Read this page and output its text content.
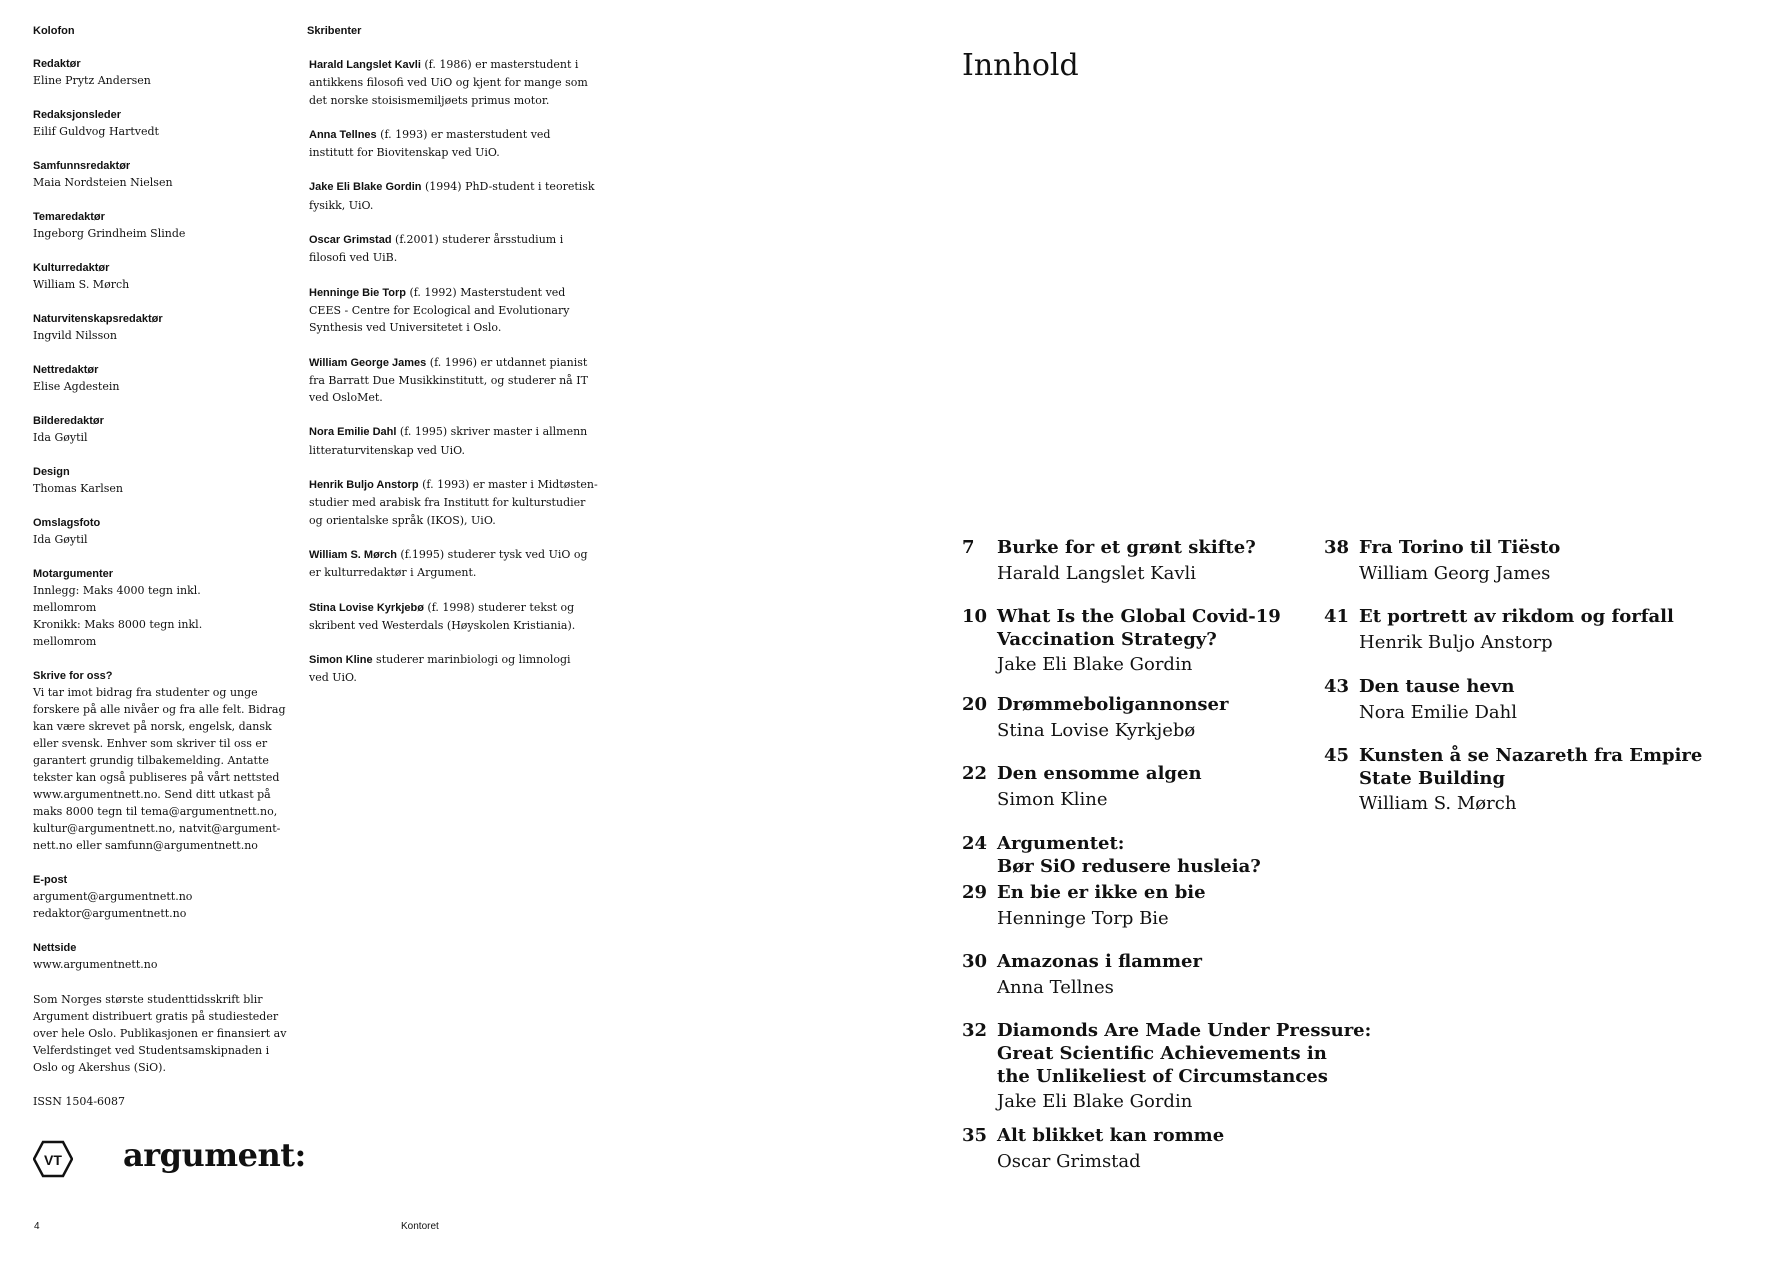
Kolofon
Redaktør
Eline Prytz Andersen
Redaksjonsleder
Eilif Guldvog Hartvedt
Samfunnsredaktør
Maia Nordsteien Nielsen
Temaredaktør
Ingeborg Grindheim Slinde
Kulturredaktør
William S. Mørch
Naturvitenskapsredaktør
Ingvild Nilsson
Nettredaktør
Elise Agdestein
Bilderedaktør
Ida Gøytil
Design
Thomas Karlsen
Omslagsfoto
Ida Gøytil
Motargumenter
Innlegg: Maks 4000 tegn inkl.
mellomrom
Kronikk: Maks 8000 tegn inkl.
mellomrom
Skrive for oss?
Vi tar imot bidrag fra studenter og unge
forskere på alle nivåer og fra alle felt. Bidrag
kan være skrevet på norsk, engelsk, dansk
eller svensk. Enhver som skriver til oss er
garantert grundig tilbakemelding. Antatte
tekster kan også publiseres på vårt nettsted
www.argumentnett.no. Send ditt utkast på
maks 8000 tegn til tema@argumentnett.no,
kultur@argumentnett.no, natvit@argument-
nett.no eller samfunn@argumentnett.no
E-post
argument@argumentnett.no
redaktor@argumentnett.no
Nettside
www.argumentnett.no
Som Norges største studenttidsskrift blir
Argument distribuert gratis på studiesteder
over hele Oslo. Publikasjonen er finansiert av
Velferdstinget ved Studentsamskipnaden i
Oslo og Akershus (SiO).
ISSN 1504-6087
Skribenter
Harald Langslet Kavli (f. 1986) er masterstudent i
antikkens filosofi ved UiO og kjent for mange som
det norske stoisismemiljøets primus motor.
Anna Tellnes (f. 1993) er masterstudent ved
institutt for Biovitenskap ved UiO.
Jake Eli Blake Gordin (1994) PhD-student i teoretisk
fysikk, UiO.
Oscar Grimstad (f.2001) studerer årsstudium i
filosofi ved UiB.
Henninge Bie Torp (f. 1992) Masterstudent ved
CEES - Centre for Ecological and Evolutionary
Synthesis ved Universitetet i Oslo.
William George James (f. 1996) er utdannet pianist
fra Barratt Due Musikkinstitutt, og studerer nå IT
ved OsloMet.
Nora Emilie Dahl (f. 1995) skriver master i allmenn
litteraturvitenskap ved UiO.
Henrik Buljo Anstorp (f. 1993) er master i Midtøsten-
studier med arabisk fra Institutt for kulturstudier
og orientalske språk (IKOS), UiO.
William S. Mørch (f.1995) studerer tysk ved UiO og
er kulturredaktør i Argument.
Stina Lovise Kyrkjebø (f. 1998) studerer tekst og
skribent ved Westerdals (Høyskolen Kristiania).
Simon Kline studerer marinbiologi og limnologi
ved UiO.
VT argument:
4	Kontoret
Innhold
7 Burke for et grønt skifte?
Harald Langslet Kavli
10 What Is the Global Covid-19
Vaccination Strategy?
Jake Eli Blake Gordin
20 Drømmeboligannonser
Stina Lovise Kyrkjebø
22 Den ensomme algen
Simon Kline
24 Argumentet:
Bør SiO redusere husleia?
29 En bie er ikke en bie
Henninge Torp Bie
30 Amazonas i flammer
Anna Tellnes
32 Diamonds Are Made Under Pressure:
Great Scientific Achievements in
the Unlikeliest of Circumstances
Jake Eli Blake Gordin
35 Alt blikket kan romme
Oscar Grimstad
38 Fra Torino til Tiësto
William Georg James
41 Et portrett av rikdom og forfall
Henrik Buljo Anstorp
43 Den tause hevn
Nora Emilie Dahl
45 Kunsten å se Nazareth fra Empire
State Building
William S. Mørch
